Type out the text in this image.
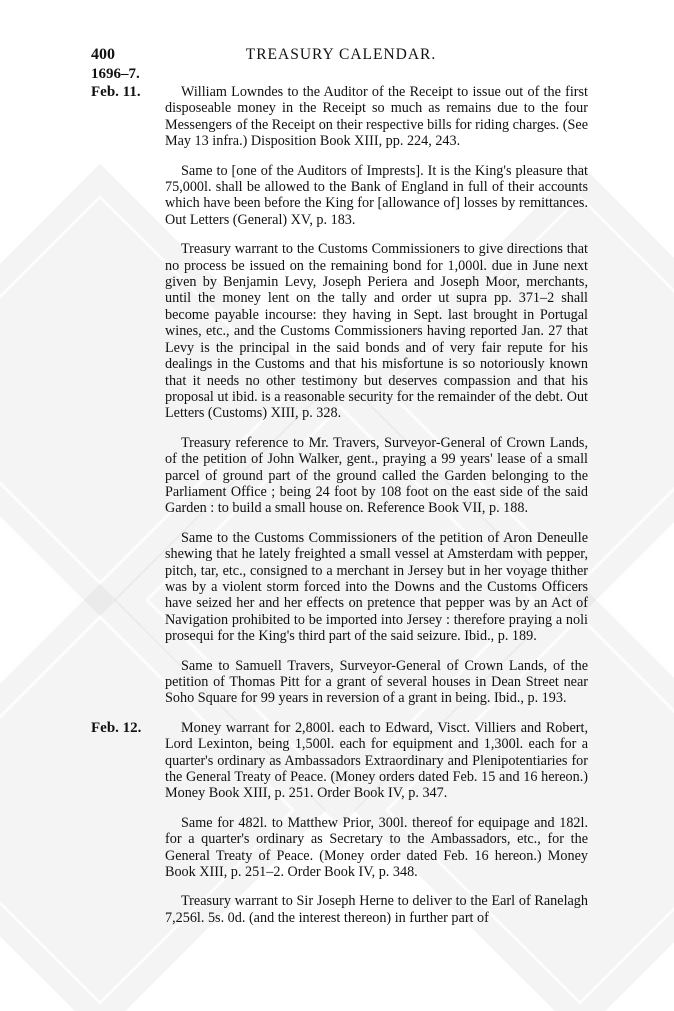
400	TREASURY CALENDAR.
1696–7.
Feb. 11.	William Lowndes to the Auditor of the Receipt to issue out of the first disposeable money in the Receipt so much as remains due to the four Messengers of the Receipt on their respective bills for riding charges. (See May 13 infra.) Disposition Book XIII, pp. 224, 243.

Same to [one of the Auditors of Imprests]. It is the King's pleasure that 75,000l. shall be allowed to the Bank of England in full of their accounts which have been before the King for [allowance of] losses by remittances. Out Letters (General) XV, p. 183.

Treasury warrant to the Customs Commissioners to give directions that no process be issued on the remaining bond for 1,000l. due in June next given by Benjamin Levy, Joseph Periera and Joseph Moor, merchants, until the money lent on the tally and order ut supra pp. 371–2 shall become payable incourse: they having in Sept. last brought in Portugal wines, etc., and the Customs Commissioners having reported Jan. 27 that Levy is the principal in the said bonds and of very fair repute for his dealings in the Customs and that his misfortune is so notoriously known that it needs no other testimony but deserves compassion and that his proposal ut ibid. is a reasonable security for the remainder of the debt. Out Letters (Customs) XIII, p. 328.

Treasury reference to Mr. Travers, Surveyor-General of Crown Lands, of the petition of John Walker, gent., praying a 99 years' lease of a small parcel of ground part of the ground called the Garden belonging to the Parliament Office ; being 24 foot by 108 foot on the east side of the said Garden : to build a small house on. Reference Book VII, p. 188.

Same to the Customs Commissioners of the petition of Aron Deneulle shewing that he lately freighted a small vessel at Amsterdam with pepper, pitch, tar, etc., consigned to a merchant in Jersey but in her voyage thither was by a violent storm forced into the Downs and the Customs Officers have seized her and her effects on pretence that pepper was by an Act of Navigation prohibited to be imported into Jersey : therefore praying a noli prosequi for the King's third part of the said seizure. Ibid., p. 189.

Same to Samuell Travers, Surveyor-General of Crown Lands, of the petition of Thomas Pitt for a grant of several houses in Dean Street near Soho Square for 99 years in reversion of a grant in being. Ibid., p. 193.

Feb. 12.	Money warrant for 2,800l. each to Edward, Visct. Villiers and Robert, Lord Lexinton, being 1,500l. each for equipment and 1,300l. each for a quarter's ordinary as Ambassadors Extraordinary and Plenipotentiaries for the General Treaty of Peace. (Money orders dated Feb. 15 and 16 hereon.) Money Book XIII, p. 251. Order Book IV, p. 347.

Same for 482l. to Matthew Prior, 300l. thereof for equipage and 182l. for a quarter's ordinary as Secretary to the Ambassadors, etc., for the General Treaty of Peace. (Money order dated Feb. 16 hereon.) Money Book XIII, p. 251–2. Order Book IV, p. 348.

Treasury warrant to Sir Joseph Herne to deliver to the Earl of Ranelagh 7,256l. 5s. 0d. (and the interest thereon) in further part of
